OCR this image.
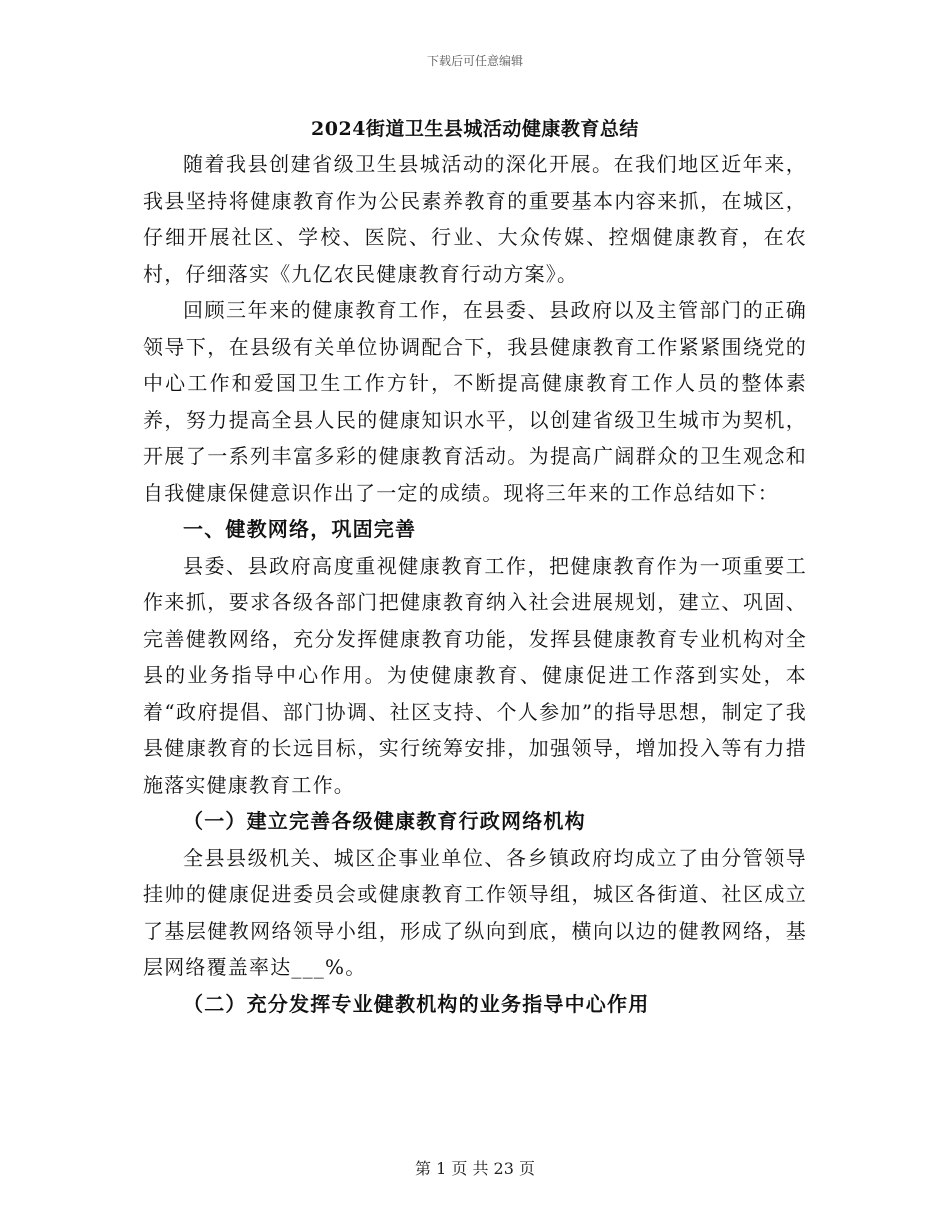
下载后可任意编辑
2024街道卫生县城活动健康教育总结

随着我县创建省级卫生县城活动的深化开展。在我们地区近年来，我县坚持将健康教育作为公民素养教育的重要基本内容来抓，在城区，仔细开展社区、学校、医院、行业、大众传媒、控烟健康教育，在农村，仔细落实《九亿农民健康教育行动方案》。

回顾三年来的健康教育工作，在县委、县政府以及主管部门的正确领导下，在县级有关单位协调配合下，我县健康教育工作紧紧围绕党的中心工作和爱国卫生工作方针，不断提高健康教育工作人员的整体素养，努力提高全县人民的健康知识水平，以创建省级卫生城市为契机，开展了一系列丰富多彩的健康教育活动。为提高广阔群众的卫生观念和自我健康保健意识作出了一定的成绩。现将三年来的工作总结如下：

一、健教网络，巩固完善

县委、县政府高度重视健康教育工作，把健康教育作为一项重要工作来抓，要求各级各部门把健康教育纳入社会进展规划，建立、巩固、完善健教网络，充分发挥健康教育功能，发挥县健康教育专业机构对全县的业务指导中心作用。为使健康教育、健康促进工作落到实处，本着“政府提倡、部门协调、社区支持、个人参加”的指导思想，制定了我县健康教育的长远目标，实行统筹安排，加强领导，增加投入等有力措施落实健康教育工作。

（一）建立完善各级健康教育行政网络机构

全县县级机关、城区企事业单位、各乡镇政府均成立了由分管领导挂帅的健康促进委员会或健康教育工作领导组，城区各街道、社区成立了基层健教网络领导小组，形成了纵向到底，横向以边的健教网络，基层网络覆盖率达___%。

（二）充分发挥专业健教机构的业务指导中心作用

第 1 页 共 23 页
